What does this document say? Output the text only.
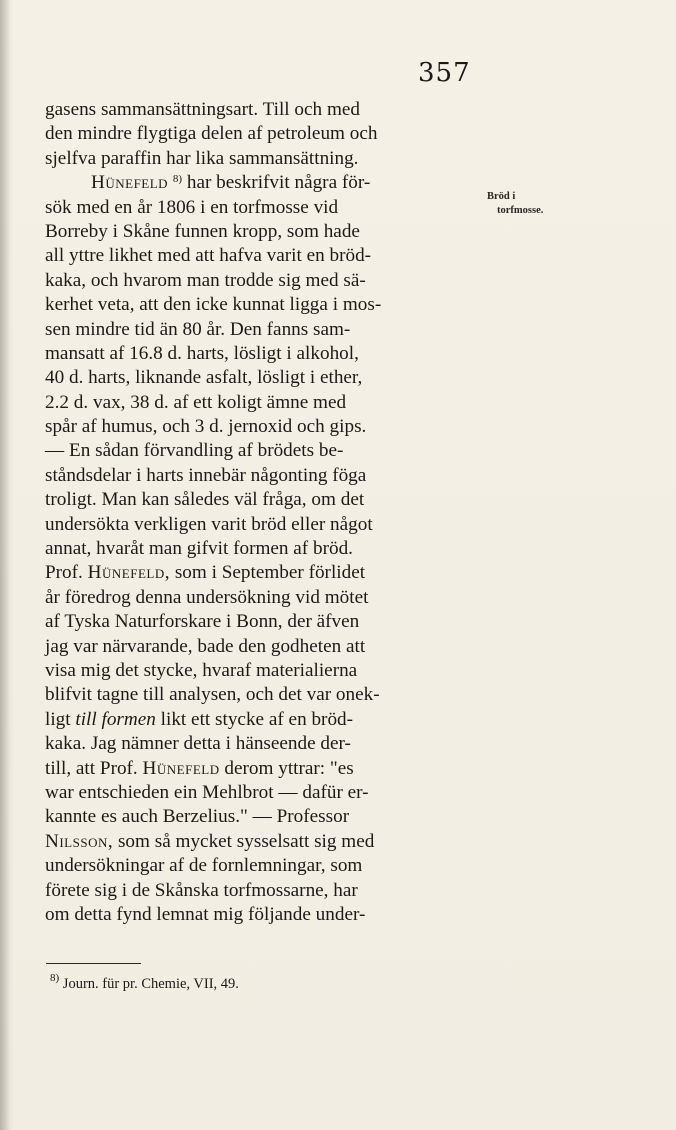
357
gasens sammansättningsart. Till och med
den mindre flygtiga delen af petroleum och
sjelfva paraffin har lika sammansättning.
Hünefeld $^{8)}$ har beskrifvit några för-
sök med en år 1806 i en torfmosse vid
Borreby i Skåne funnen kropp, som hade
all yttre likhet med att hafva varit en bröd-
kaka, och hvarom man trodde sig med sä-
kerhet veta, att den icke kunnat ligga i mos-
sen mindre tid än 80 år. Den fanns sam-
mansatt af 16.8 d. harts, lösligt i alkohol,
40 d. harts, liknande asfalt, lösligt i ether,
2.2 d. vax, 38 d. af ett koligt ämne med
spår af humus, och 3 d. jernoxid och gips.
— En sådan förvandling af brödets be-
ståndsdelar i harts innebär någonting föga
troligt. Man kan således väl fråga, om det
undersökta verkligen varit bröd eller något
annat, hvaråt man gifvit formen af bröd.
Prof. Hünefeld, som i September förlidet
år föredrog denna undersökning vid mötet
af Tyska Naturforskare i Bonn, der äfven
jag var närvarande, bade den godheten att
visa mig det stycke, hvaraf materialierna
blifvit tagne till analysen, och det var onek-
ligt till formen likt ett stycke af en bröd-
kaka. Jag nämner detta i hänseende der-
till, att Prof. Hünefeld derom yttrar: "es
war entschieden ein Mehlbrot — dafür er-
kannte es auch Berzelius." — Professor
Nilsson, som så mycket sysselsatt sig med
undersökningar af de fornlemningar, som
förete sig i de Skånska torfmossarne, har
om detta fynd lemnat mig följande under-
Bröd i
torfmosse.
$^{8)}$ Journ. für pr. Chemie, VII, 49.
